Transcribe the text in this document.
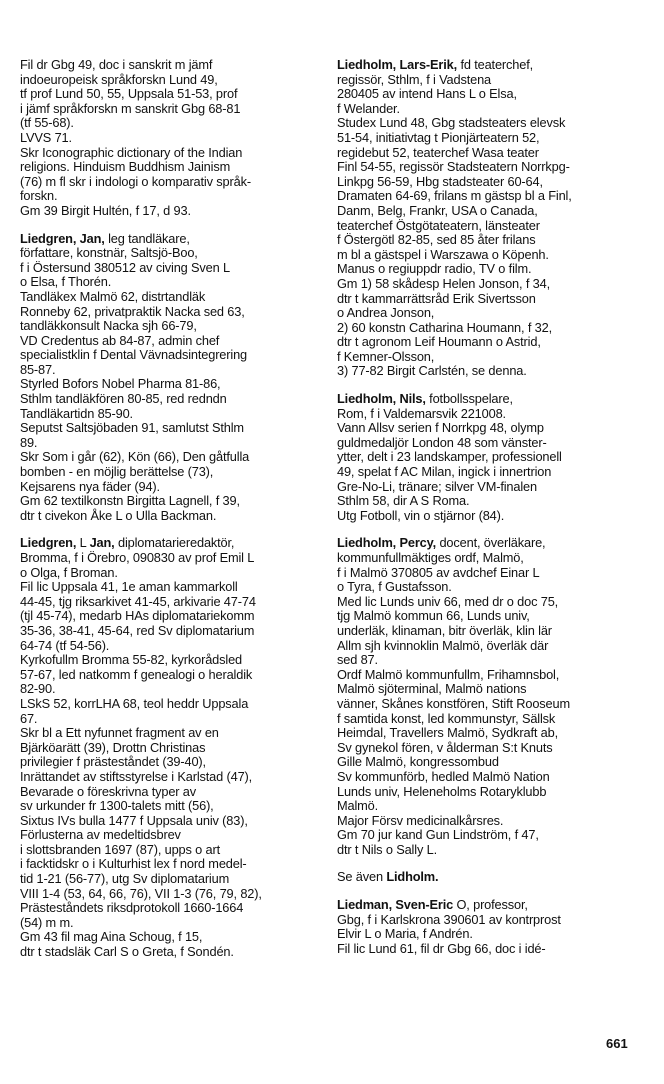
Fil dr Gbg 49, doc i sanskrit m jämf
indoeuropeisk språkforskn Lund 49,
tf prof Lund 50, 55, Uppsala 51-53, prof
i jämf språkforskn m sanskrit Gbg 68-81
(tf 55-68).
LVVS 71.
Skr Iconographic dictionary of the Indian
religions. Hinduism Buddhism Jainism
(76) m fl skr i indologi o komparativ språk-
forskn.
Gm 39 Birgit Hultén, f 17, d 93.
Liedgren, Jan, leg tandläkare,
författare, konstnär, Saltsjö-Boo,
f i Östersund 380512 av civing Sven L
o Elsa, f Thorén.
Tandläkex Malmö 62, distrtandläk
Ronneby 62, privatpraktik Nacka sed 63,
tandläkkonsult Nacka sjh 66-79,
VD Credentus ab 84-87, admin chef
specialistklin f Dental Vävnadsintegrering
85-87.
Styrled Bofors Nobel Pharma 81-86,
Sthlm tandläkfören 80-85, red redndn
Tandläkartidn 85-90.
Seputst Saltsjöbaden 91, samlutst Sthlm
89.
Skr Som i går (62), Kön (66), Den gåtfulla
bomben - en möjlig berättelse (73),
Kejsarens nya fäder (94).
Gm 62 textilkonstn Birgitta Lagnell, f 39,
dtr t civekon Åke L o Ulla Backman.
Liedgren, L Jan, diplomatarieredaktör,
Bromma, f i Örebro, 090830 av prof Emil L
o Olga, f Broman.
Fil lic Uppsala 41, 1e aman kammarkoll
44-45, tjg riksarkivet 41-45, arkivarie 47-74
(tjl 45-74), medarb HAs diplomatariekomm
35-36, 38-41, 45-64, red Sv diplomatarium
64-74 (tf 54-56).
Kyrkofullm Bromma 55-82, kyrkorådsled
57-67, led natkomm f genealogi o heraldik
82-90.
LSkS 52, korrLHA 68, teol heddr Uppsala
67.
Skr bl a Ett nyfunnet fragment av en
Bjärköarätt (39), Drottn Christinas
privilegier f prästeståndet (39-40),
Inrättandet av stiftsstyrelse i Karlstad (47),
Bevarade o föreskrivna typer av
sv urkunder fr 1300-talets mitt (56),
Sixtus IVs bulla 1477 f Uppsala univ (83),
Förlusterna av medeltidsbrev
i slottsbranden 1697 (87), upps o art
i facktidskr o i Kulturhist lex f nord medel-
tid 1-21 (56-77), utg Sv diplomatarium
VIII 1-4 (53, 64, 66, 76), VII 1-3 (76, 79, 82),
Prästeståndets riksdprotokoll 1660-1664
(54) m m.
Gm 43 fil mag Aina Schoug, f 15,
dtr t stadsläk Carl S o Greta, f Sondén.
Liedholm, Lars-Erik, fd teaterchef,
regissör, Sthlm, f i Vadstena
280405 av intend Hans L o Elsa,
f Welander.
Studex Lund 48, Gbg stadsteaters elevsk
51-54, initiativtag t Pionjärteatern 52,
regidebut 52, teaterchef Wasa teater
Finl 54-55, regissör Stadsteatern Norrkpg-
Linkpg 56-59, Hbg stadsteater 60-64,
Dramaten 64-69, frilans m gästsp bl a Finl,
Danm, Belg, Frankr, USA o Canada,
teaterchef Östgötateatern, länsteater
f Östergötl 82-85, sed 85 åter frilans
m bl a gästspel i Warszawa o Köpenh.
Manus o regiuppdr radio, TV o film.
Gm 1) 58 skådesp Helen Jonson, f 34,
dtr t kammarrättsråd Erik Sivertsson
o Andrea Jonson,
2) 60 konstn Catharina Houmann, f 32,
dtr t agronom Leif Houmann o Astrid,
f Kemner-Olsson,
3) 77-82 Birgit Carlstén, se denna.
Liedholm, Nils, fotbollsspelare,
Rom, f i Valdemarsvik 221008.
Vann Allsv serien f Norrkpg 48, olymp
guldmedaljör London 48 som vänster-
ytter, delt i 23 landskamper, professionell
49, spelat f AC Milan, ingick i innertrion
Gre-No-Li, tränare; silver VM-finalen
Sthlm 58, dir A S Roma.
Utg Fotboll, vin o stjärnor (84).
Liedholm, Percy, docent, överläkare,
kommunfullmäktiges ordf, Malmö,
f i Malmö 370805 av avdchef Einar L
o Tyra, f Gustafsson.
Med lic Lunds univ 66, med dr o doc 75,
tjg Malmö kommun 66, Lunds univ,
underläk, klinaman, bitr överläk, klin lär
Allm sjh kvinnoklin Malmö, överläk där
sed 87.
Ordf Malmö kommunfullm, Frihamnsbol,
Malmö sjöterminal, Malmö nations
vänner, Skånes konstfören, Stift Rooseum
f samtida konst, led kommunstyr, Sällsk
Heimdal, Travellers Malmö, Sydkraft ab,
Sv gynekol fören, v ålderman S:t Knuts
Gille Malmö, kongressombud
Sv kommunförb, hedled Malmö Nation
Lunds univ, Heleneholms Rotaryklubb
Malmö.
Major Försv medicinalkårsres.
Gm 70 jur kand Gun Lindström, f 47,
dtr t Nils o Sally L.
Se även Lidholm.
Liedman, Sven-Eric O, professor,
Gbg, f i Karlskrona 390601 av kontrprost
Elvir L o Maria, f Andrén.
Fil lic Lund 61, fil dr Gbg 66, doc i idé-
661
